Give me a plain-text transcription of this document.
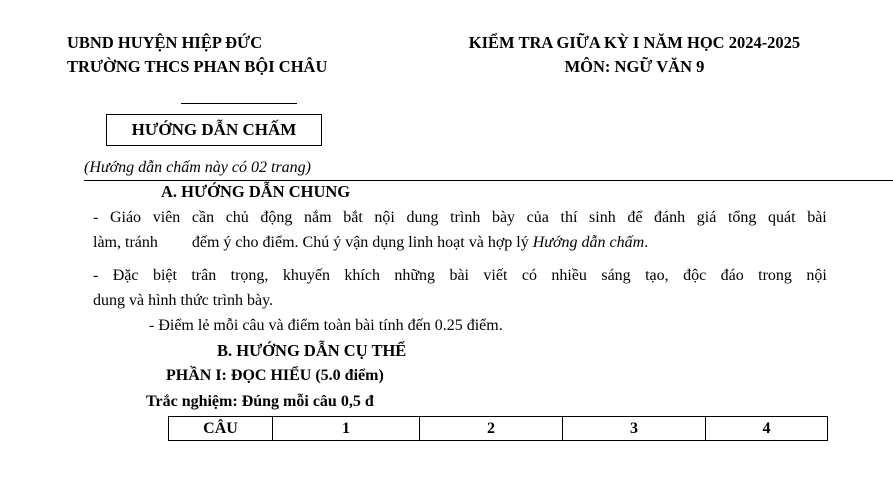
UBND HUYỆN HIỆP ĐỨC
TRƯỜNG THCS PHAN BỘI CHÂU
KIỂM TRA GIỮA KỲ I NĂM HỌC 2024-2025
MÔN: NGỮ VĂN 9
HƯỚNG DẪN CHẤM
(Hướng dẫn chấm này có 02 trang)
A. HƯỚNG DẪN CHUNG
- Giáo viên cần chủ động nắm bắt nội dung trình bày của thí sinh để đánh giá tổng quát bài
làm, tránh đếm ý cho điểm. Chú ý vận dụng linh hoạt và hợp lý Hướng dẫn chấm.
- Đặc biệt trân trọng, khuyến khích những bài viết có nhiều sáng tạo, độc đáo trong nội
dung và hình thức trình bày.
- Điểm lẻ mỗi câu và điểm toàn bài tính đến 0.25 điểm.
B. HƯỚNG DẪN CỤ THỂ
PHẦN I: ĐỌC HIỂU (5.0 điểm)
Trắc nghiệm: Đúng mỗi câu 0,5 đ
CÂU	1	2	3	4
